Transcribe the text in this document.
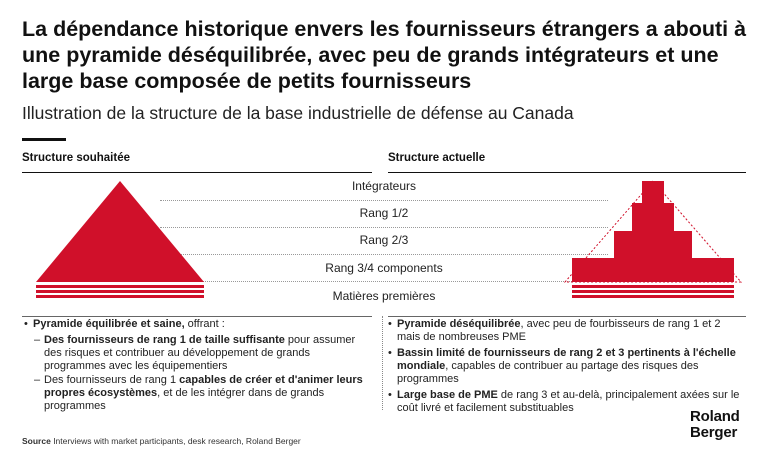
La dépendance historique envers les fournisseurs étrangers a abouti à une pyramide déséquilibrée, avec peu de grands intégrateurs et une large base composée de petits fournisseurs
Illustration de la structure de la base industrielle de défense au Canada
Structure souhaitée	Structure actuelle
Intégrateurs
Rang 1/2
Rang 2/3
Rang 3/4 components
Matières premières
• Pyramide équilibrée et saine, offrant :
– Des fournisseurs de rang 1 de taille suffisante pour assumer des risques et contribuer au développement de grands programmes avec les équipementiers
– Des fournisseurs de rang 1 capables de créer et d'animer leurs propres écosystèmes, et de les intégrer dans de grands programmes
• Pyramide déséquilibrée, avec peu de fourbisseurs de rang 1 et 2 mais de nombreuses PME
• Bassin limité de fournisseurs de rang 2 et 3 pertinents à l'échelle mondiale, capables de contribuer au partage des risques des programmes
• Large base de PME de rang 3 et au-delà, principalement axées sur le coût livré et facilement substituables
Source Interviews with market participants, desk research, Roland Berger
Roland
Berger
